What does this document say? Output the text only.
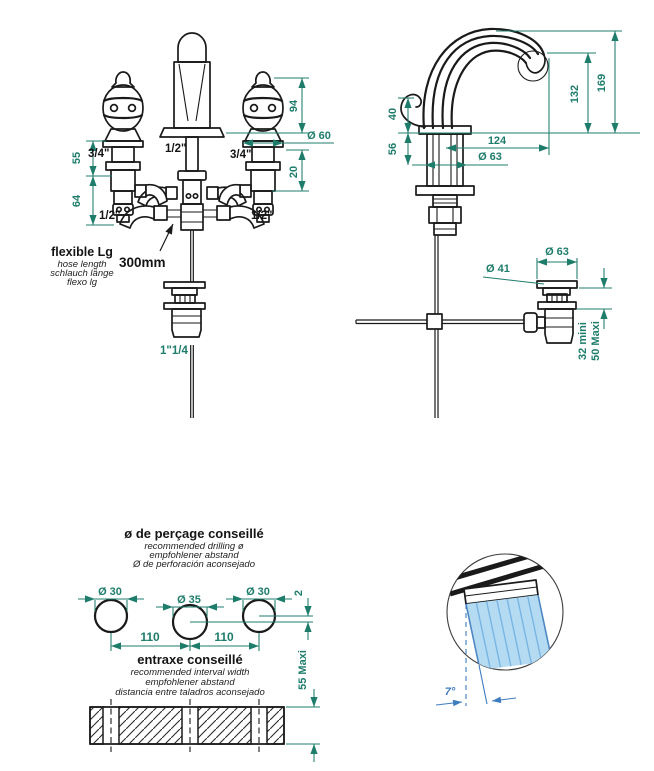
55
64
94
20
Ø 60
3/4"	1/2"	3/4"
1/2''	1/2"
1"1/4
flexible Lg
hose length
schlauch länge
flexo lg
300mm
40
56
124
Ø 63
132
169
Ø 63
Ø 41
32 mini 50 Maxi
ø de perçage conseillé
recommended drilling ø
empfohlener abstand
Ø de perforación aconsejado
Ø 30
Ø 35
Ø 30
110	110
2
entraxe conseillé
recommended interval width
empfohlener abstand
distancia entre taladros aconsejado
55 Maxi
7°
